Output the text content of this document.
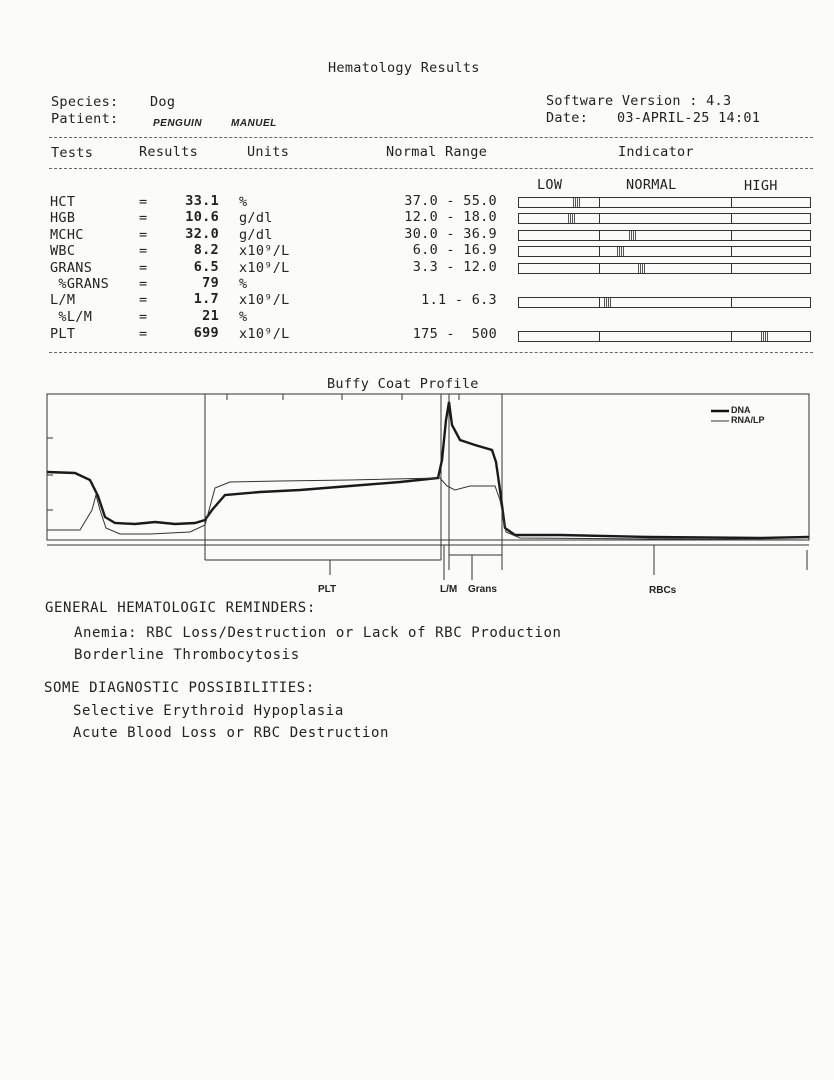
Hematology Results
Species: Dog
Patient:	PENGUIN	MANUEL
Software Version : 4.3
Date: 03-APRIL-25 14:01
Tests	Results	Units	Normal Range	Indicator
LOW	NORMAL	HIGH
HCT	=	33.1 %	37.0 - 55.0
HGB	=	10.6 g/dl	12.0 - 18.0
MCHC	=	32.0 g/dl	30.0 - 36.9
WBC	=	8.2 x10⁹/L	6.0 - 16.9
GRANS	=	6.5 x10⁹/L	3.3 - 12.0
%GRANS =	79 %
L/M	=	1.7 x10⁹/L	1.1 - 6.3
%L/M	=	21 %
PLT	=	699 x10⁹/L	175 -  500
Buffy Coat Profile
DNA
RNA/LP
PLT	L/M Grans	RBCs
GENERAL HEMATOLOGIC REMINDERS:
Anemia: RBC Loss/Destruction or Lack of RBC Production
Borderline Thrombocytosis
SOME DIAGNOSTIC POSSIBILITIES:
Selective Erythroid Hypoplasia
Acute Blood Loss or RBC Destruction
